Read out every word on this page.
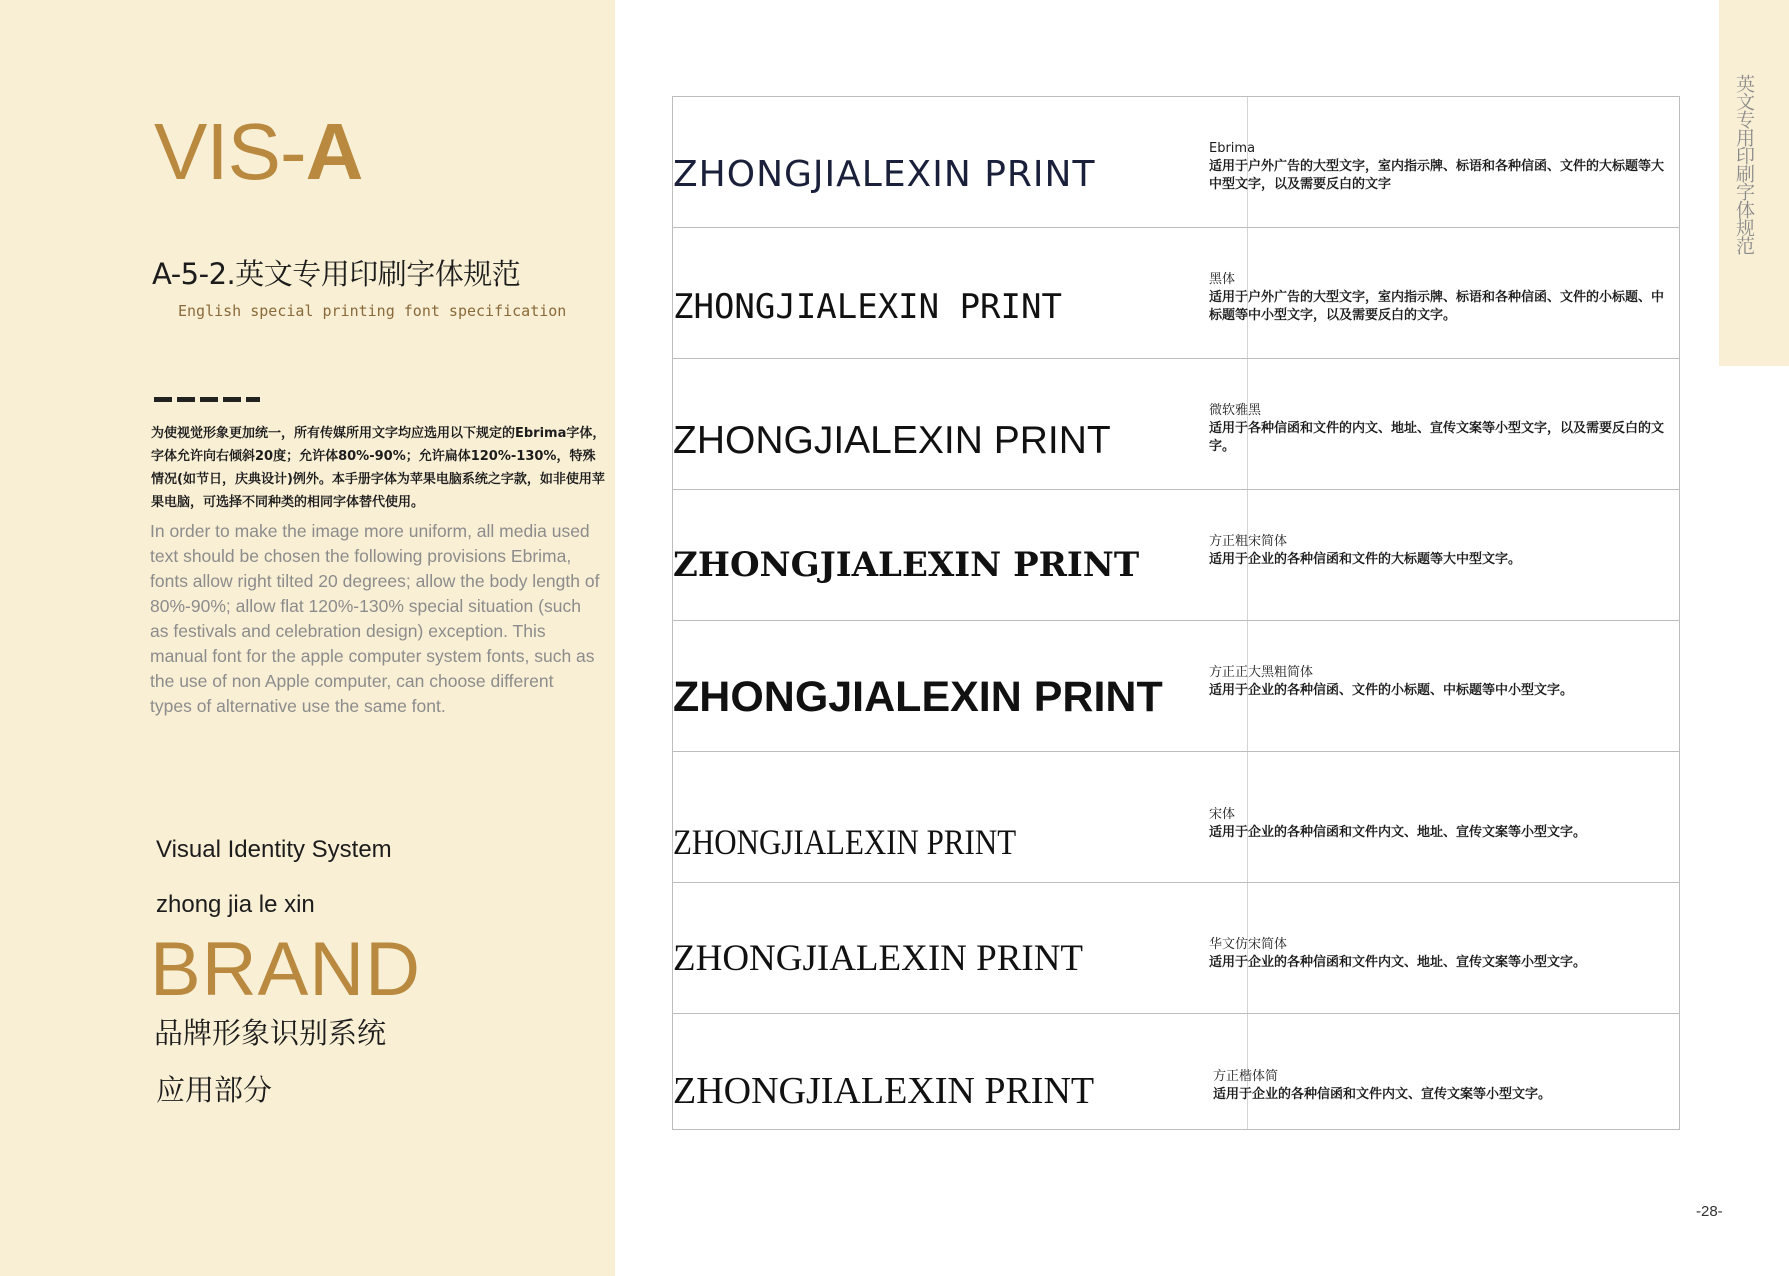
VIS-A
A-5-2.英文专用印刷字体规范
English special printing font specification
为使视觉形象更加统一，所有传媒所用文字均应选用以下规定的Ebrima字体，字体允许向右倾斜20度；允许体80%-90%；允许扁体120%-130%，特殊情况(如节日，庆典设计)例外。本手册字体为苹果电脑系统之字款，如非使用苹果电脑，可选择不同种类的相同字体替代使用。
In order to make the image more uniform, all media used text should be chosen the following provisions Ebrima, fonts allow right tilted 20 degrees; allow the body length of 80%-90%; allow flat 120%-130% special situation (such as festivals and celebration design) exception. This manual font for the apple computer system fonts, such as the use of non Apple computer, can choose different types of alternative use the same font.
Visual Identity System
zhong jia le xin
BRAND
品牌形象识别系统
应用部分
ZHONGJIALEXIN PRINT
Ebrima
适用于户外广告的大型文字，室内指示牌、标语和各种信函、文件的大标题等大中型文字，以及需要反白的文字
ZHONGJIALEXIN PRINT
黑体
适用于户外广告的大型文字，室内指示牌、标语和各种信函、文件的小标题、中标题等中小型文字，以及需要反白的文字。
ZHONGJIALEXIN PRINT
微软雅黑
适用于各种信函和文件的内文、地址、宣传文案等小型文字，以及需要反白的文字。
ZHONGJIALEXIN PRINT
方正粗宋简体
适用于企业的各种信函和文件的大标题等大中型文字。
ZHONGJIALEXIN PRINT
方正正大黑粗简体
适用于企业的各种信函、文件的小标题、中标题等中小型文字。
ZHONGJIALEXIN PRINT
宋体
适用于企业的各种信函和文件内文、地址、宣传文案等小型文字。
ZHONGJIALEXIN PRINT	华文仿宋简体
适用于企业的各种信函和文件内文、地址、宣传文案等小型文字。
ZHONGJIALEXIN PRINT	方正楷体简
适用于企业的各种信函和文件内文、宣传文案等小型文字。
英文专用印刷字体规范
-28-
